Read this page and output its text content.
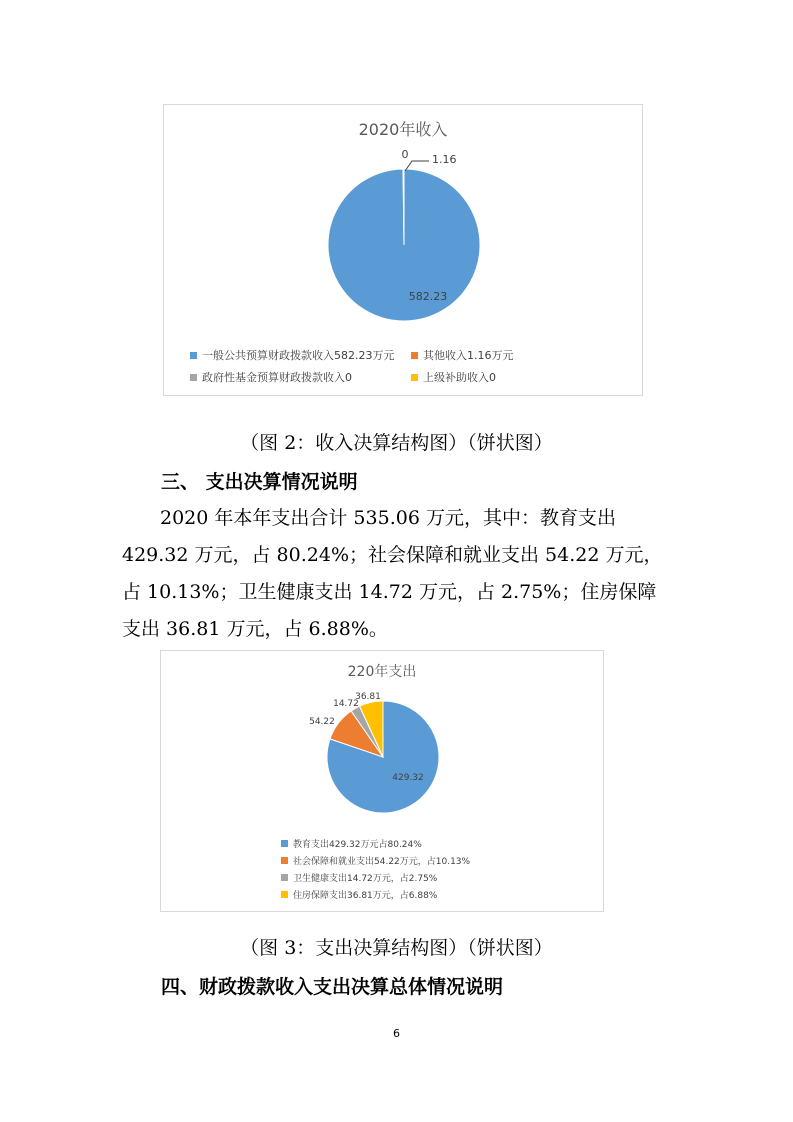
2020年收入
582.23
1.16
0
一般公共预算财政拨款收入582.23万元	其他收入1.16万元
政府性基金预算财政拨款收入0	上级补助收入0
（图 2：收入决算结构图）（饼状图）
三、 支出决算情况说明
2020 年本年支出合计 535.06 万元，其中：教育支出
429.32 万元，占 80.24%；社会保障和就业支出 54.22 万元，
占 10.13%；卫生健康支出 14.72 万元，占 2.75%；住房保障
支出 36.81 万元，占 6.88%。
220年支出
429.32
54.22
14.72
36.81
教育支出429.32万元占80.24%
社会保障和就业支出54.22万元，占10.13%
卫生健康支出14.72万元，占2.75%
住房保障支出36.81万元，占6.88%
（图 3：支出决算结构图）（饼状图）
四、财政拨款收入支出决算总体情况说明
6
